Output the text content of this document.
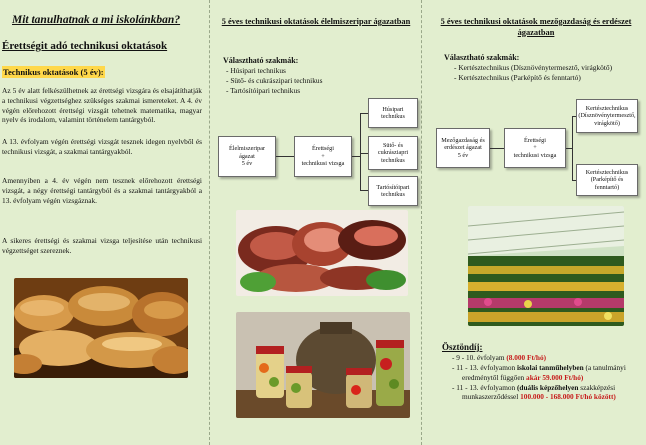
Mit tanulhatnak a mi iskolánkban?
Érettségit adó technikusi oktatások
Technikus oktatások (5 év):
Az 5 év alatt felkészülhetnek az érettségi vizsgára és elsajátíthatják a technikusi végzettséghez szükséges szakmai ismereteket. A 4. év végén előrehozott érettségi vizsgát tehetnek matematika, magyar nyelv és irodalom, valamint történelem tantárgyból.
A 13. évfolyam végén érettségi vizsgát tesznek idegen nyelvből és technikusi vizsgát, a szakmai tantárgyakból.
Amennyiben a 4. év végén nem tesznek előrehozott érettségi vizsgát, a négy érettségi tantárgyból és a szakmai tantárgyakból a 13. évfolyam végén vizsgáznak.
A sikeres érettségi és szakmai vizsga teljesítése után technikusi végzettséget szereznek.
5 éves technikusi oktatások élelmiszeripar ágazatban
Választható szakmák:
- Húsipari technikus
- Sütő- és cukrászipari technikus
- Tartósítóipari technikus
Élelmiszeripar
ágazat
5 év
Érettségi
+
technikusi vizsga
Húsipari
technikus
Sütő- és
cukrásziapri
technikus
Tartósítóipari
technikus
5 éves technikusi oktatások mezőgazdaság és erdészet ágazatban
Választható szakmák:
- Kertésztechnikus (Dísznövénytermesztő, virágkötő)
- Kertésztechnikus (Parképítő és fenntartó)
Mezőgazdaság és
erdészet ágazat
5 év
Érettségi
+
technikusi vizsga
Kertésztechnikus
(Dísznövénytermesztő,
virágkötő)
Kertésztechnikus
(Parképítő és
fenntartó)
Ösztöndíj:
- 9 - 10. évfolyam (8.000 Ft/hó)
- 11 - 13. évfolyamon iskolai tanműhelyben (a tanulmányi eredménytől függően akár 59.000 Ft/hó)
- 11 - 13. évfolyamon (duális képzőhelyen szakképzési munkaszerződéssel 100.000 - 168.000 Ft/hó között)
